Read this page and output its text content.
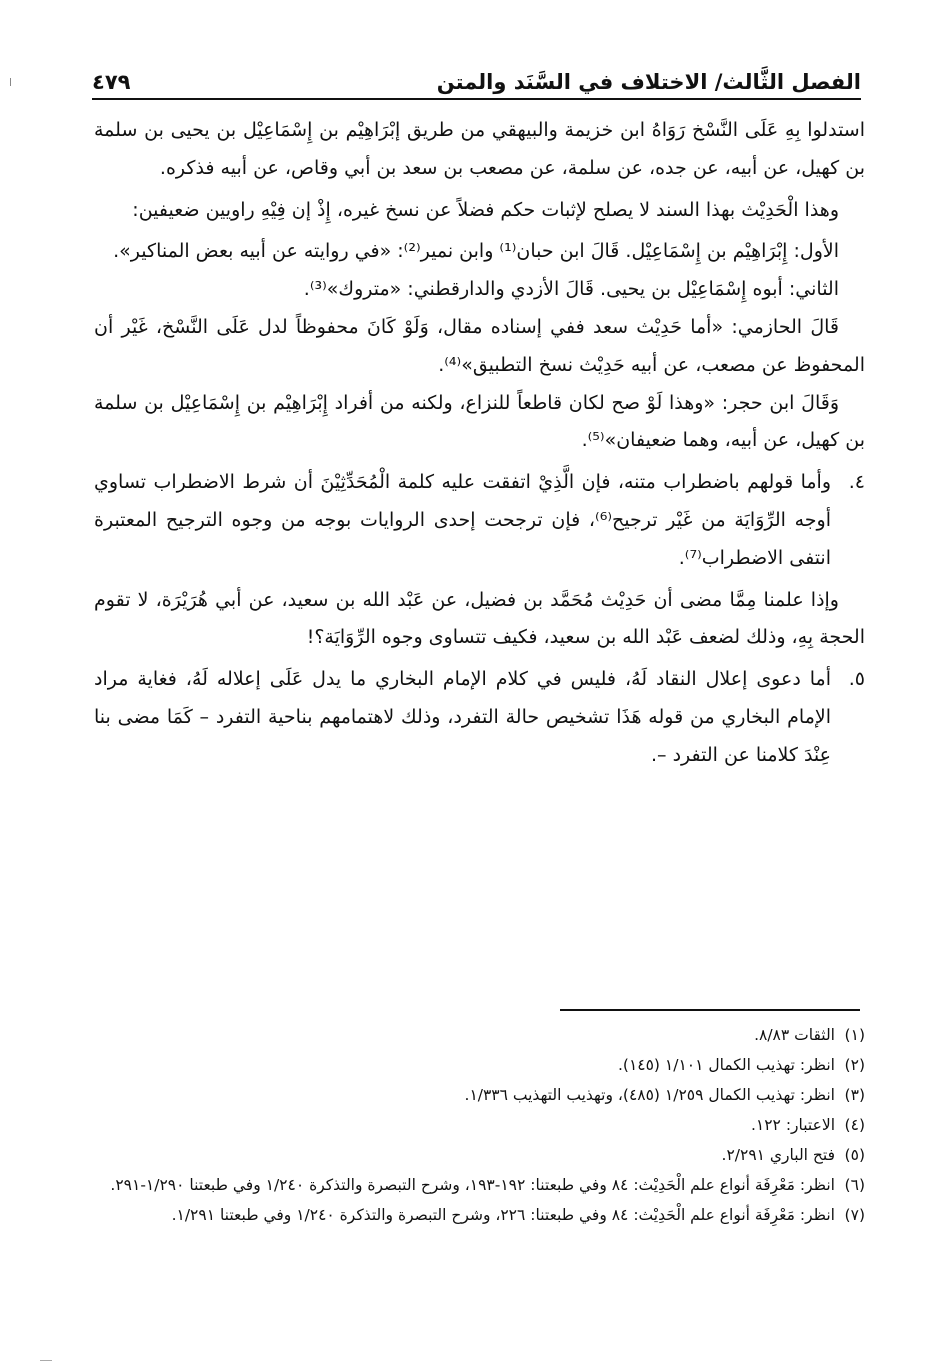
الفصل الثَّالث/ الاختلاف في السَّنَد والمتن
٤٧٩

استدلوا بِهِ عَلَى النَّسْخ رَوَاهُ ابن خزيمة والبيهقي من طريق إبْرَاهِيْم بن إِسْمَاعِيْل بن يحيى بن سلمة بن كهيل، عن أبيه، عن جده، عن سلمة، عن مصعب بن سعد بن أبي وقاص، عن أبيه فذكره.

وهذا الْحَدِيْث بهذا السند لا يصلح لإثبات حكم فضلاً عن نسخ غيره، إِذْ إن فِيْهِ راويين ضعيفين:

الأول: إِبْرَاهِيْم بن إِسْمَاعِيْل. قَالَ ابن حبان⁽¹⁾ وابن نمير⁽²⁾: «في روايته عن أبيه بعض المناكير».

الثاني: أبوه إِسْمَاعِيْل بن يحيى. قَالَ الأزدي والدارقطني: «متروك»⁽³⁾.

قَالَ الحازمي: «أما حَدِيْث سعد ففي إسناده مقال، وَلَوْ كَانَ محفوظاً لدل عَلَى النَّسْخ، غَيْر أن المحفوظ عن مصعب، عن أبيه حَدِيْث نسخ التطبيق»⁽⁴⁾.

وَقَالَ ابن حجر: «وهذا لَوْ صح لكان قاطعاً للنزاع، ولكنه من أفراد إِبْرَاهِيْم بن إِسْمَاعِيْل بن سلمة بن كهيل، عن أبيه، وهما ضعيفان»⁽⁵⁾.

٤.
وأما قولهم باضطراب متنه، فإن الَّذِيْ اتفقت عليه كلمة الْمُحَدِّثِيْنَ أن شرط الاضطراب تساوي أوجه الرِّوَايَة من غَيْر ترجيح⁽⁶⁾، فإن ترجحت إحدى الروايات بوجه من وجوه الترجيح المعتبرة انتفى الاضطراب⁽⁷⁾.

وإذا علمنا مِمَّا مضى أن حَدِيْث مُحَمَّد بن فضيل، عن عَبْد الله بن سعيد، عن أبي هُرَيْرَة، لا تقوم الحجة بِهِ، وذلك لضعف عَبْد الله بن سعيد، فكيف تتساوى وجوه الرِّوَايَة؟!

٥.
أما دعوى إعلال النقاد لَهُ، فليس في كلام الإمام البخاري ما يدل عَلَى إعلاله لَهُ، فغاية مراد الإمام البخاري من قوله هَذَا تشخيص حالة التفرد، وذلك لاهتمامهم بناحية التفرد – كَمَا مضى بنا عِنْدَ كلامنا عن التفرد –.

(١)
الثقات ٨/٨٣.

(٢)
انظر: تهذيب الكمال ١/١٠١ (١٤٥).

(٣)
انظر: تهذيب الكمال ١/٢٥٩ (٤٨٥)، وتهذيب التهذيب ١/٣٣٦.

(٤)
الاعتبار: ١٢٢.

(٥)
فتح الباري ٢/٢٩١.

(٦)
انظر: مَعْرِفَة أنواع علم الْحَدِيْث: ٨٤ وفي طبعتنا: ١٩٢-١٩٣، وشرح التبصرة والتذكرة ١/٢٤٠ وفي طبعتنا ١/٢٩٠-٢٩١.

(٧)
انظر: مَعْرِفَة أنواع علم الْحَدِيْث: ٨٤ وفي طبعتنا: ٢٢٦، وشرح التبصرة والتذكرة ١/٢٤٠ وفي طبعتنا ١/٢٩١.
